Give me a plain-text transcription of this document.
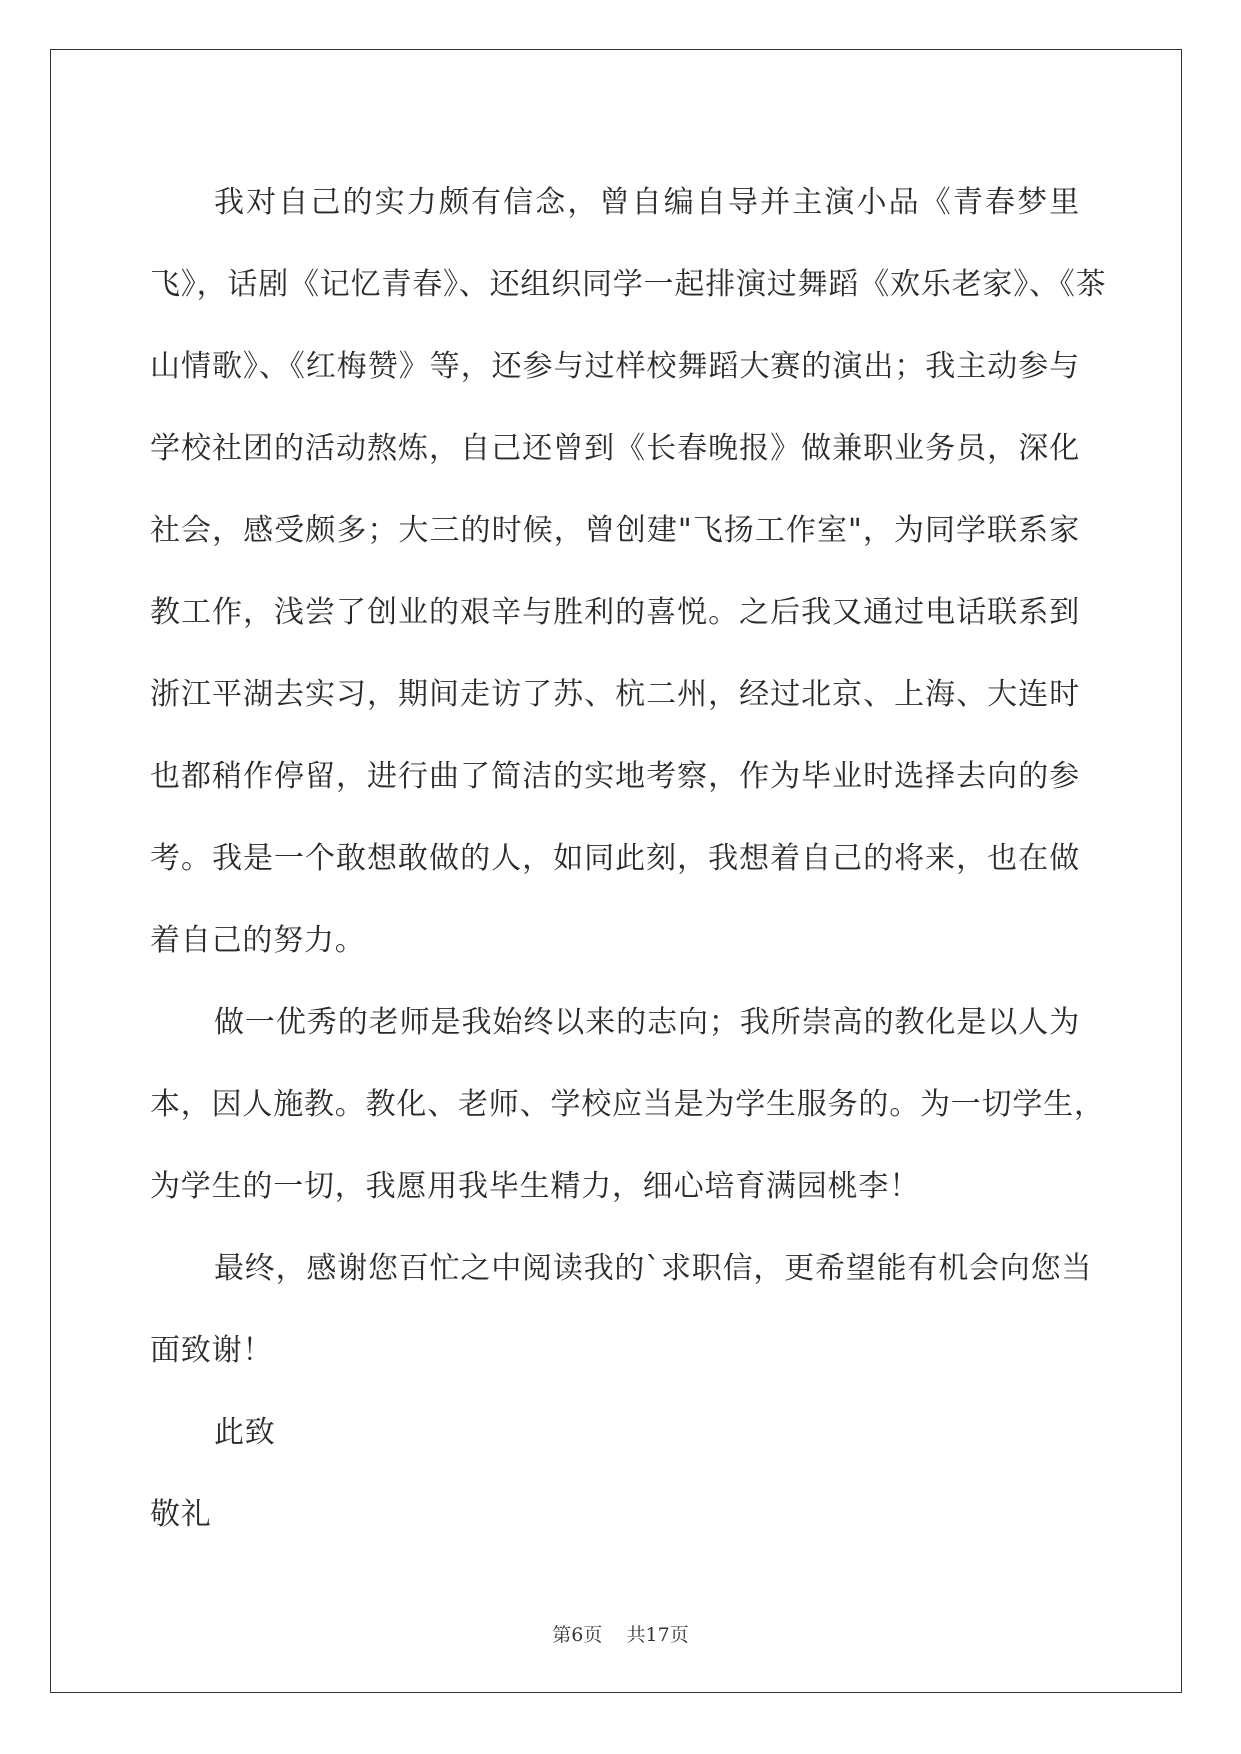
我对自己的实力颇有信念，曾自编自导并主演小品《青春梦里
飞》，话剧《记忆青春》、还组织同学一起排演过舞蹈《欢乐老家》、《茶
山情歌》、《红梅赞》等，还参与过样校舞蹈大赛的演出；我主动参与
学校社团的活动熬炼，自己还曾到《长春晚报》做兼职业务员，深化
社会，感受颇多；大三的时候，曾创建"飞扬工作室"，为同学联系家
教工作，浅尝了创业的艰辛与胜利的喜悦。之后我又通过电话联系到
浙江平湖去实习，期间走访了苏、杭二州，经过北京、上海、大连时
也都稍作停留，进行曲了简洁的实地考察，作为毕业时选择去向的参
考。我是一个敢想敢做的人，如同此刻，我想着自己的将来，也在做
着自己的努力。
做一优秀的老师是我始终以来的志向；我所崇高的教化是以人为
本，因人施教。教化、老师、学校应当是为学生服务的。为一切学生，
为学生的一切，我愿用我毕生精力，细心培育满园桃李！
最终，感谢您百忙之中阅读我的`求职信，更希望能有机会向您当
面致谢！
此致
敬礼
第6页 共17页
